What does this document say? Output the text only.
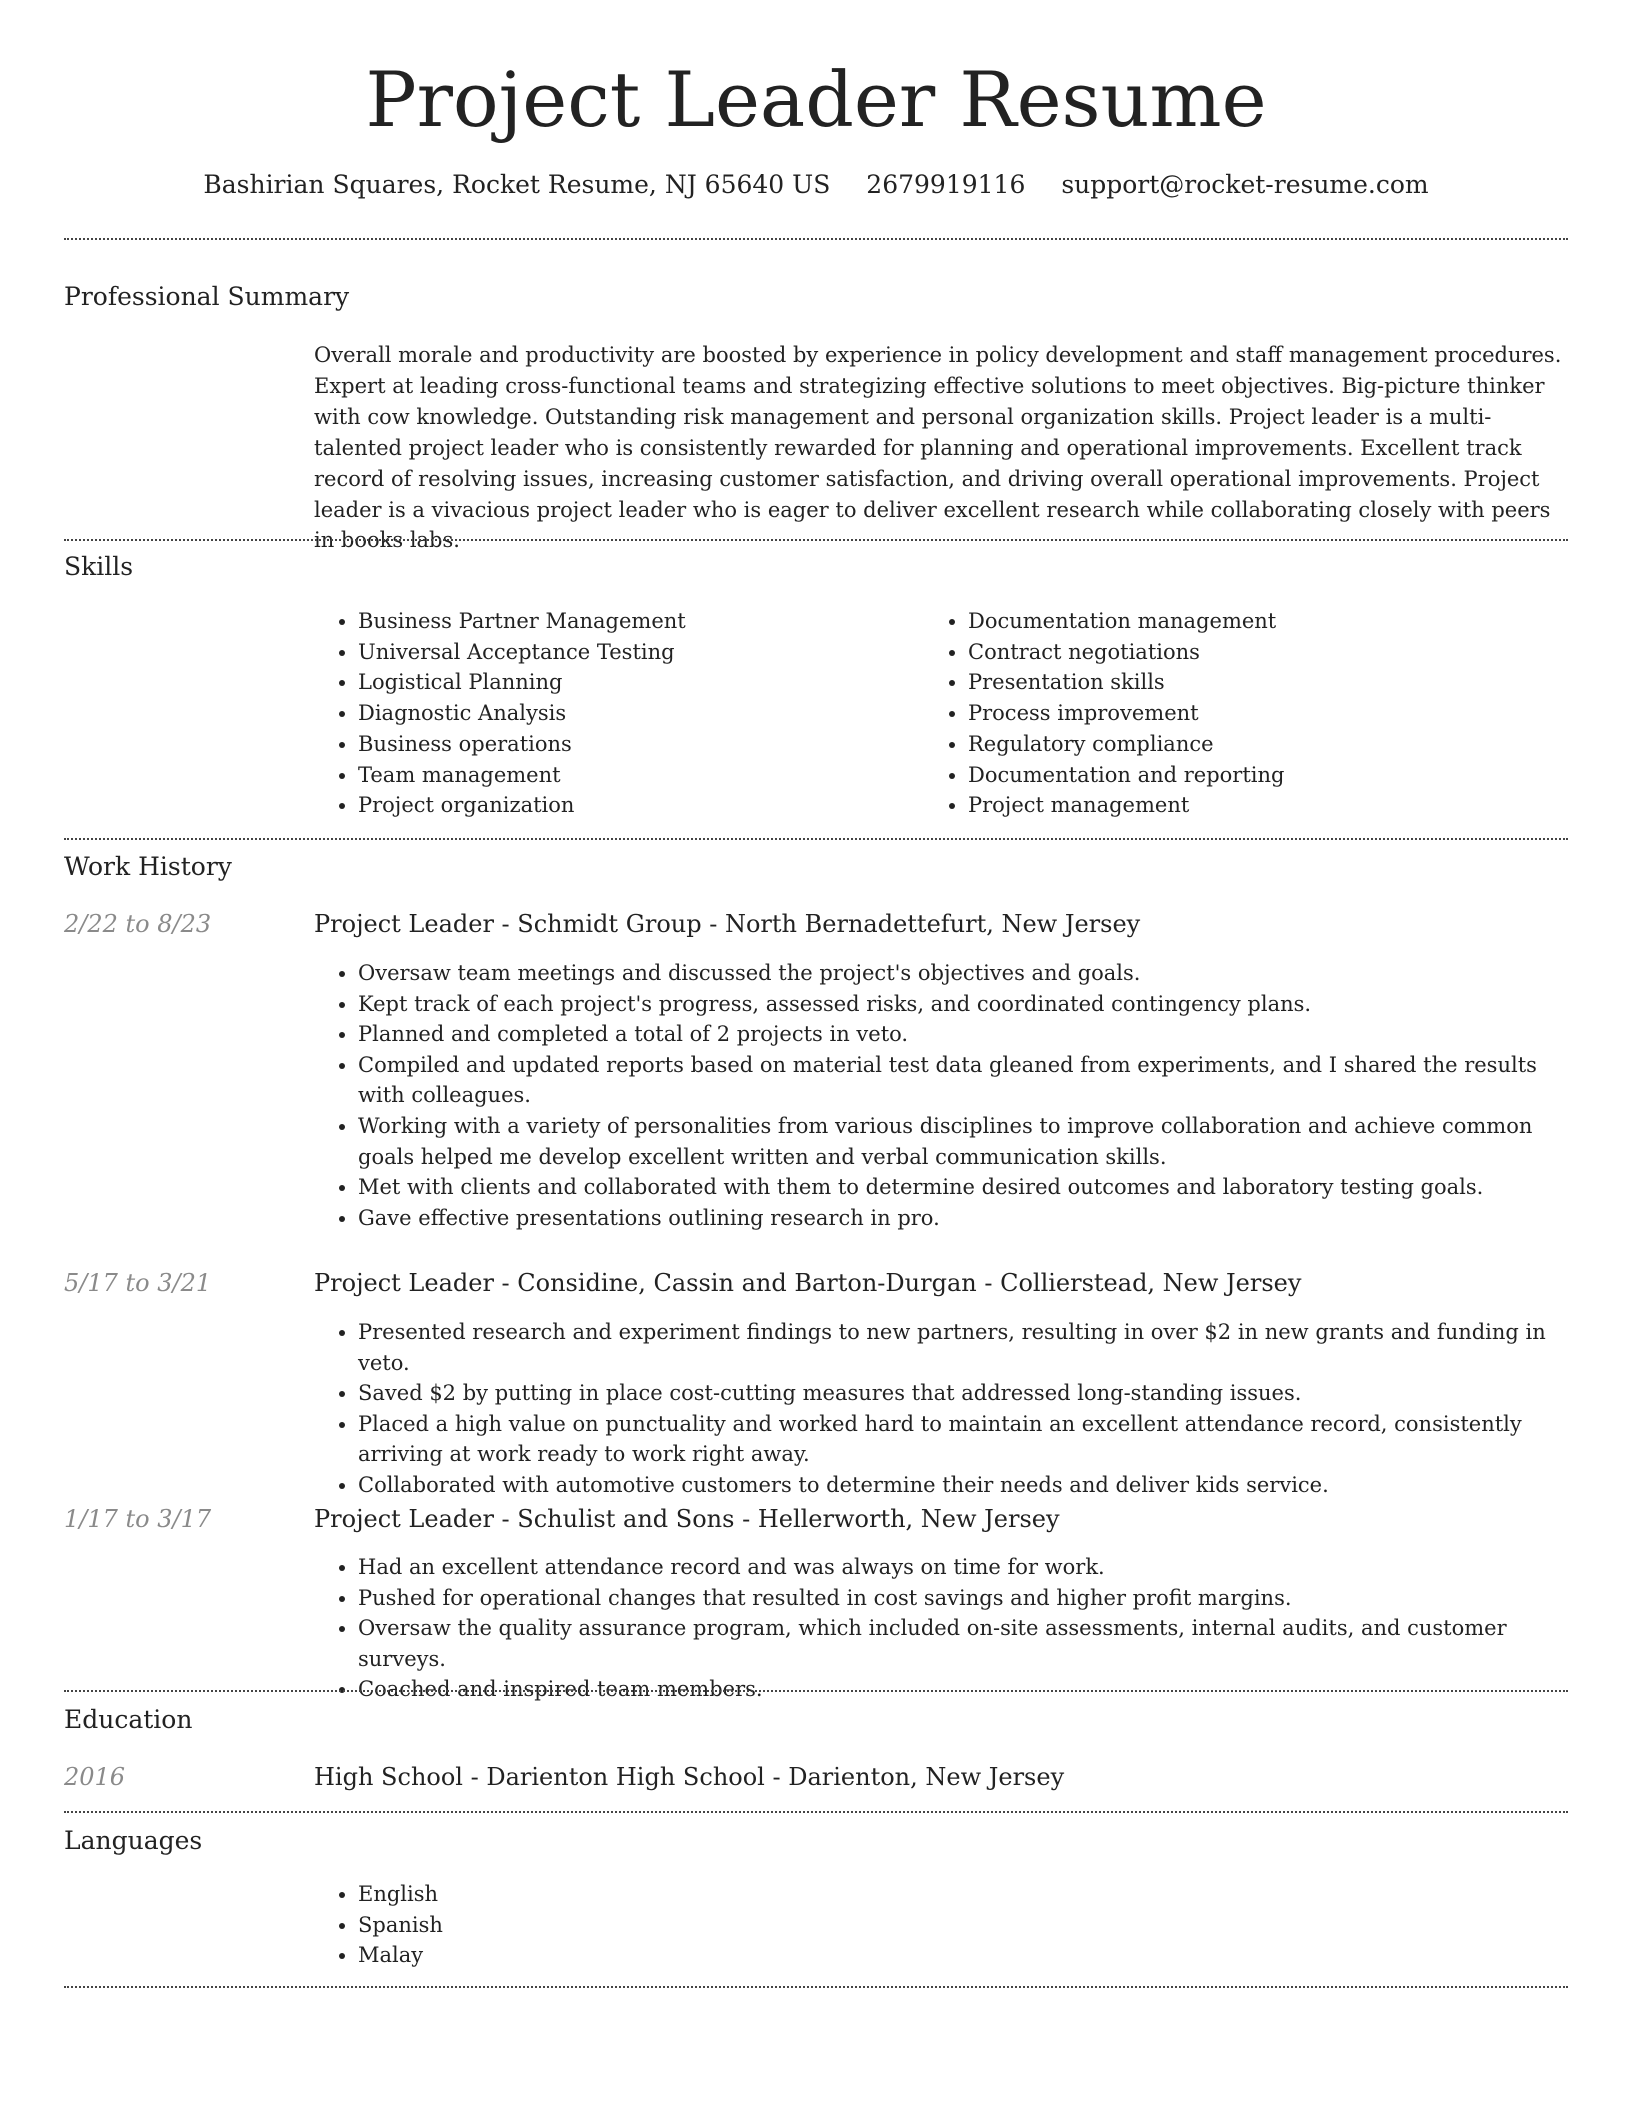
Project Leader Resume
Bashirian Squares, Rocket Resume, NJ 65640 US 2679919116 support@rocket-resume.com
Professional Summary

Overall morale and productivity are boosted by experience in policy development and staff management procedures. Expert at leading cross-functional teams and strategizing effective solutions to meet objectives. Big-picture thinker with cow knowledge. Outstanding risk management and personal organization skills. Project leader is a multi-talented project leader who is consistently rewarded for planning and operational improvements. Excellent track record of resolving issues, increasing customer satisfaction, and driving overall operational improvements. Project leader is a vivacious project leader who is eager to deliver excellent research while collaborating closely with peers in books labs.

Skills
• Business Partner Management
• Universal Acceptance Testing
• Logistical Planning
• Diagnostic Analysis
• Business operations
• Team management
• Project organization
• Documentation management
• Contract negotiations
• Presentation skills
• Process improvement
• Regulatory compliance
• Documentation and reporting
• Project management
Work History
2/22 to 8/23	Project Leader - Schmidt Group - North Bernadettefurt, New Jersey
• Oversaw team meetings and discussed the project's objectives and goals.
• Kept track of each project's progress, assessed risks, and coordinated contingency plans.
• Planned and completed a total of 2 projects in veto.
• Compiled and updated reports based on material test data gleaned from experiments, and I shared the results with colleagues.
• Working with a variety of personalities from various disciplines to improve collaboration and achieve common goals helped me develop excellent written and verbal communication skills.
• Met with clients and collaborated with them to determine desired outcomes and laboratory testing goals.
• Gave effective presentations outlining research in pro.
5/17 to 3/21	Project Leader - Considine, Cassin and Barton-Durgan - Collierstead, New Jersey
• Presented research and experiment findings to new partners, resulting in over $2 in new grants and funding in veto.
• Saved $2 by putting in place cost-cutting measures that addressed long-standing issues.
• Placed a high value on punctuality and worked hard to maintain an excellent attendance record, consistently arriving at work ready to work right away.
• Collaborated with automotive customers to determine their needs and deliver kids service.
1/17 to 3/17	Project Leader - Schulist and Sons - Hellerworth, New Jersey
• Had an excellent attendance record and was always on time for work.
• Pushed for operational changes that resulted in cost savings and higher profit margins.
• Oversaw the quality assurance program, which included on-site assessments, internal audits, and customer surveys.
• Coached and inspired team members.
Education
2016	High School - Darienton High School - Darienton, New Jersey
Languages
• English
• Spanish
• Malay
